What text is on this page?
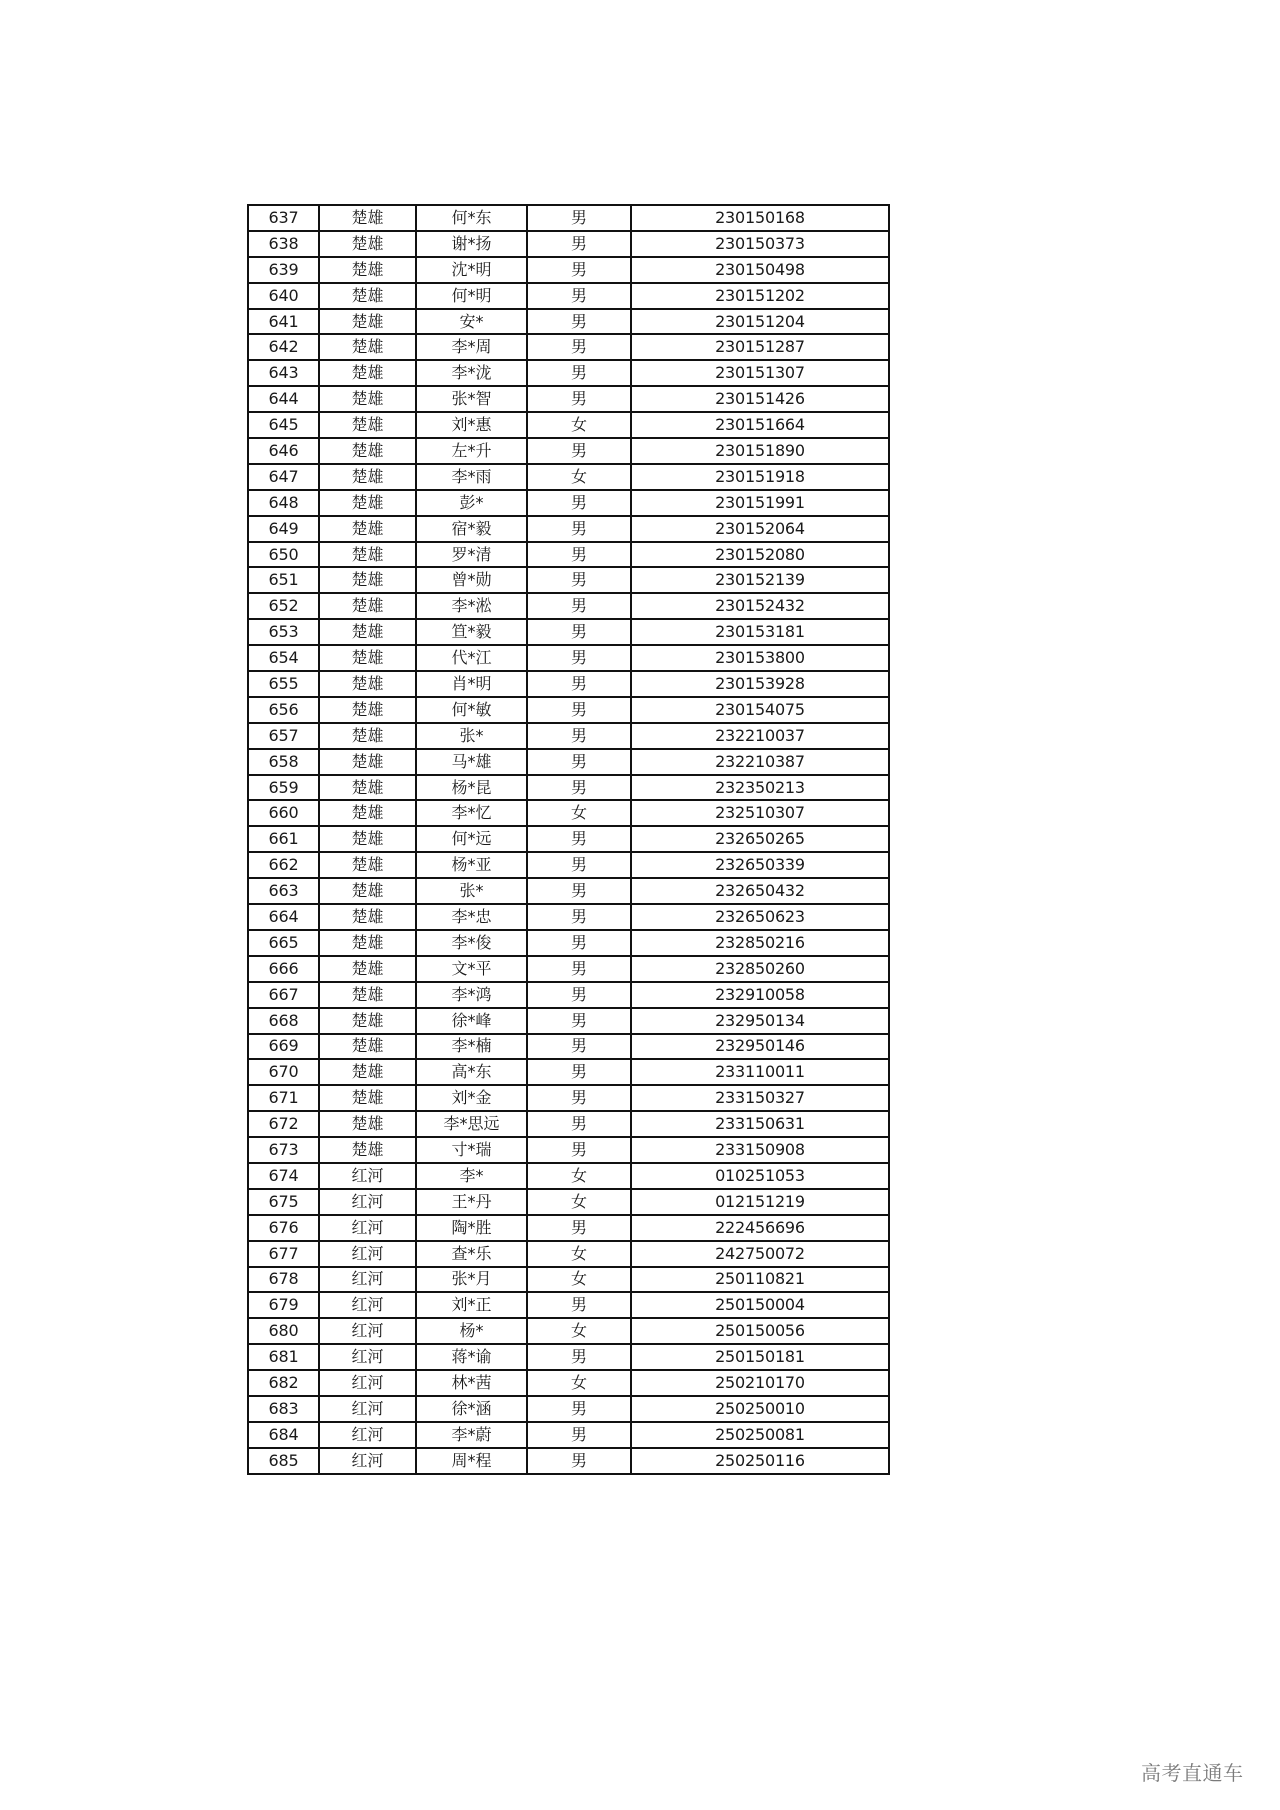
637	楚雄	何*东	男	230150168
638	楚雄	谢*扬	男	230150373
639	楚雄	沈*明	男	230150498
640	楚雄	何*明	男	230151202
641	楚雄	安*	男	230151204
642	楚雄	李*周	男	230151287
643	楚雄	李*泷	男	230151307
644	楚雄	张*智	男	230151426
645	楚雄	刘*惠	女	230151664
646	楚雄	左*升	男	230151890
647	楚雄	李*雨	女	230151918
648	楚雄	彭*	男	230151991
649	楚雄	宿*毅	男	230152064
650	楚雄	罗*清	男	230152080
651	楚雄	曾*勋	男	230152139
652	楚雄	李*淞	男	230152432
653	楚雄	笪*毅	男	230153181
654	楚雄	代*江	男	230153800
655	楚雄	肖*明	男	230153928
656	楚雄	何*敏	男	230154075
657	楚雄	张*	男	232210037
658	楚雄	马*雄	男	232210387
659	楚雄	杨*昆	男	232350213
660	楚雄	李*忆	女	232510307
661	楚雄	何*远	男	232650265
662	楚雄	杨*亚	男	232650339
663	楚雄	张*	男	232650432
664	楚雄	李*忠	男	232650623
665	楚雄	李*俊	男	232850216
666	楚雄	文*平	男	232850260
667	楚雄	李*鸿	男	232910058
668	楚雄	徐*峰	男	232950134
669	楚雄	李*楠	男	232950146
670	楚雄	高*东	男	233110011
671	楚雄	刘*金	男	233150327
672	楚雄	李*思远	男	233150631
673	楚雄	寸*瑞	男	233150908
674	红河	李*	女	010251053
675	红河	王*丹	女	012151219
676	红河	陶*胜	男	222456696
677	红河	查*乐	女	242750072
678	红河	张*月	女	250110821
679	红河	刘*正	男	250150004
680	红河	杨*	女	250150056
681	红河	蒋*谕	男	250150181
682	红河	林*茜	女	250210170
683	红河	徐*涵	男	250250010
684	红河	李*蔚	男	250250081
685	红河	周*程	男	250250116
高考直通车
